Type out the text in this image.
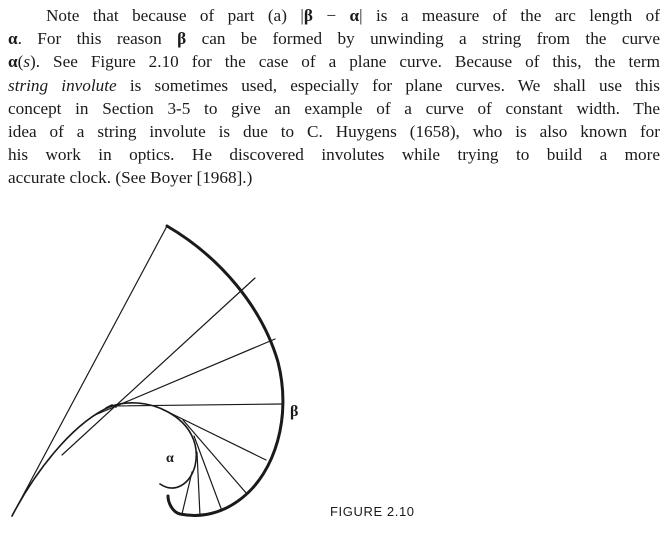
Note that because of part (a) |β − α| is a measure of the arc length of
α. For this reason β can be formed by unwinding a string from the curve
α(s). See Figure 2.10 for the case of a plane curve. Because of this, the term
string involute is sometimes used, especially for plane curves. We shall use this
concept in Section 3-5 to give an example of a curve of constant width. The
idea of a string involute is due to C. Huygens (1658), who is also known for
his work in optics. He discovered involutes while trying to build a more
accurate clock. (See Boyer [1968].)
β
α
FIGURE 2.10
